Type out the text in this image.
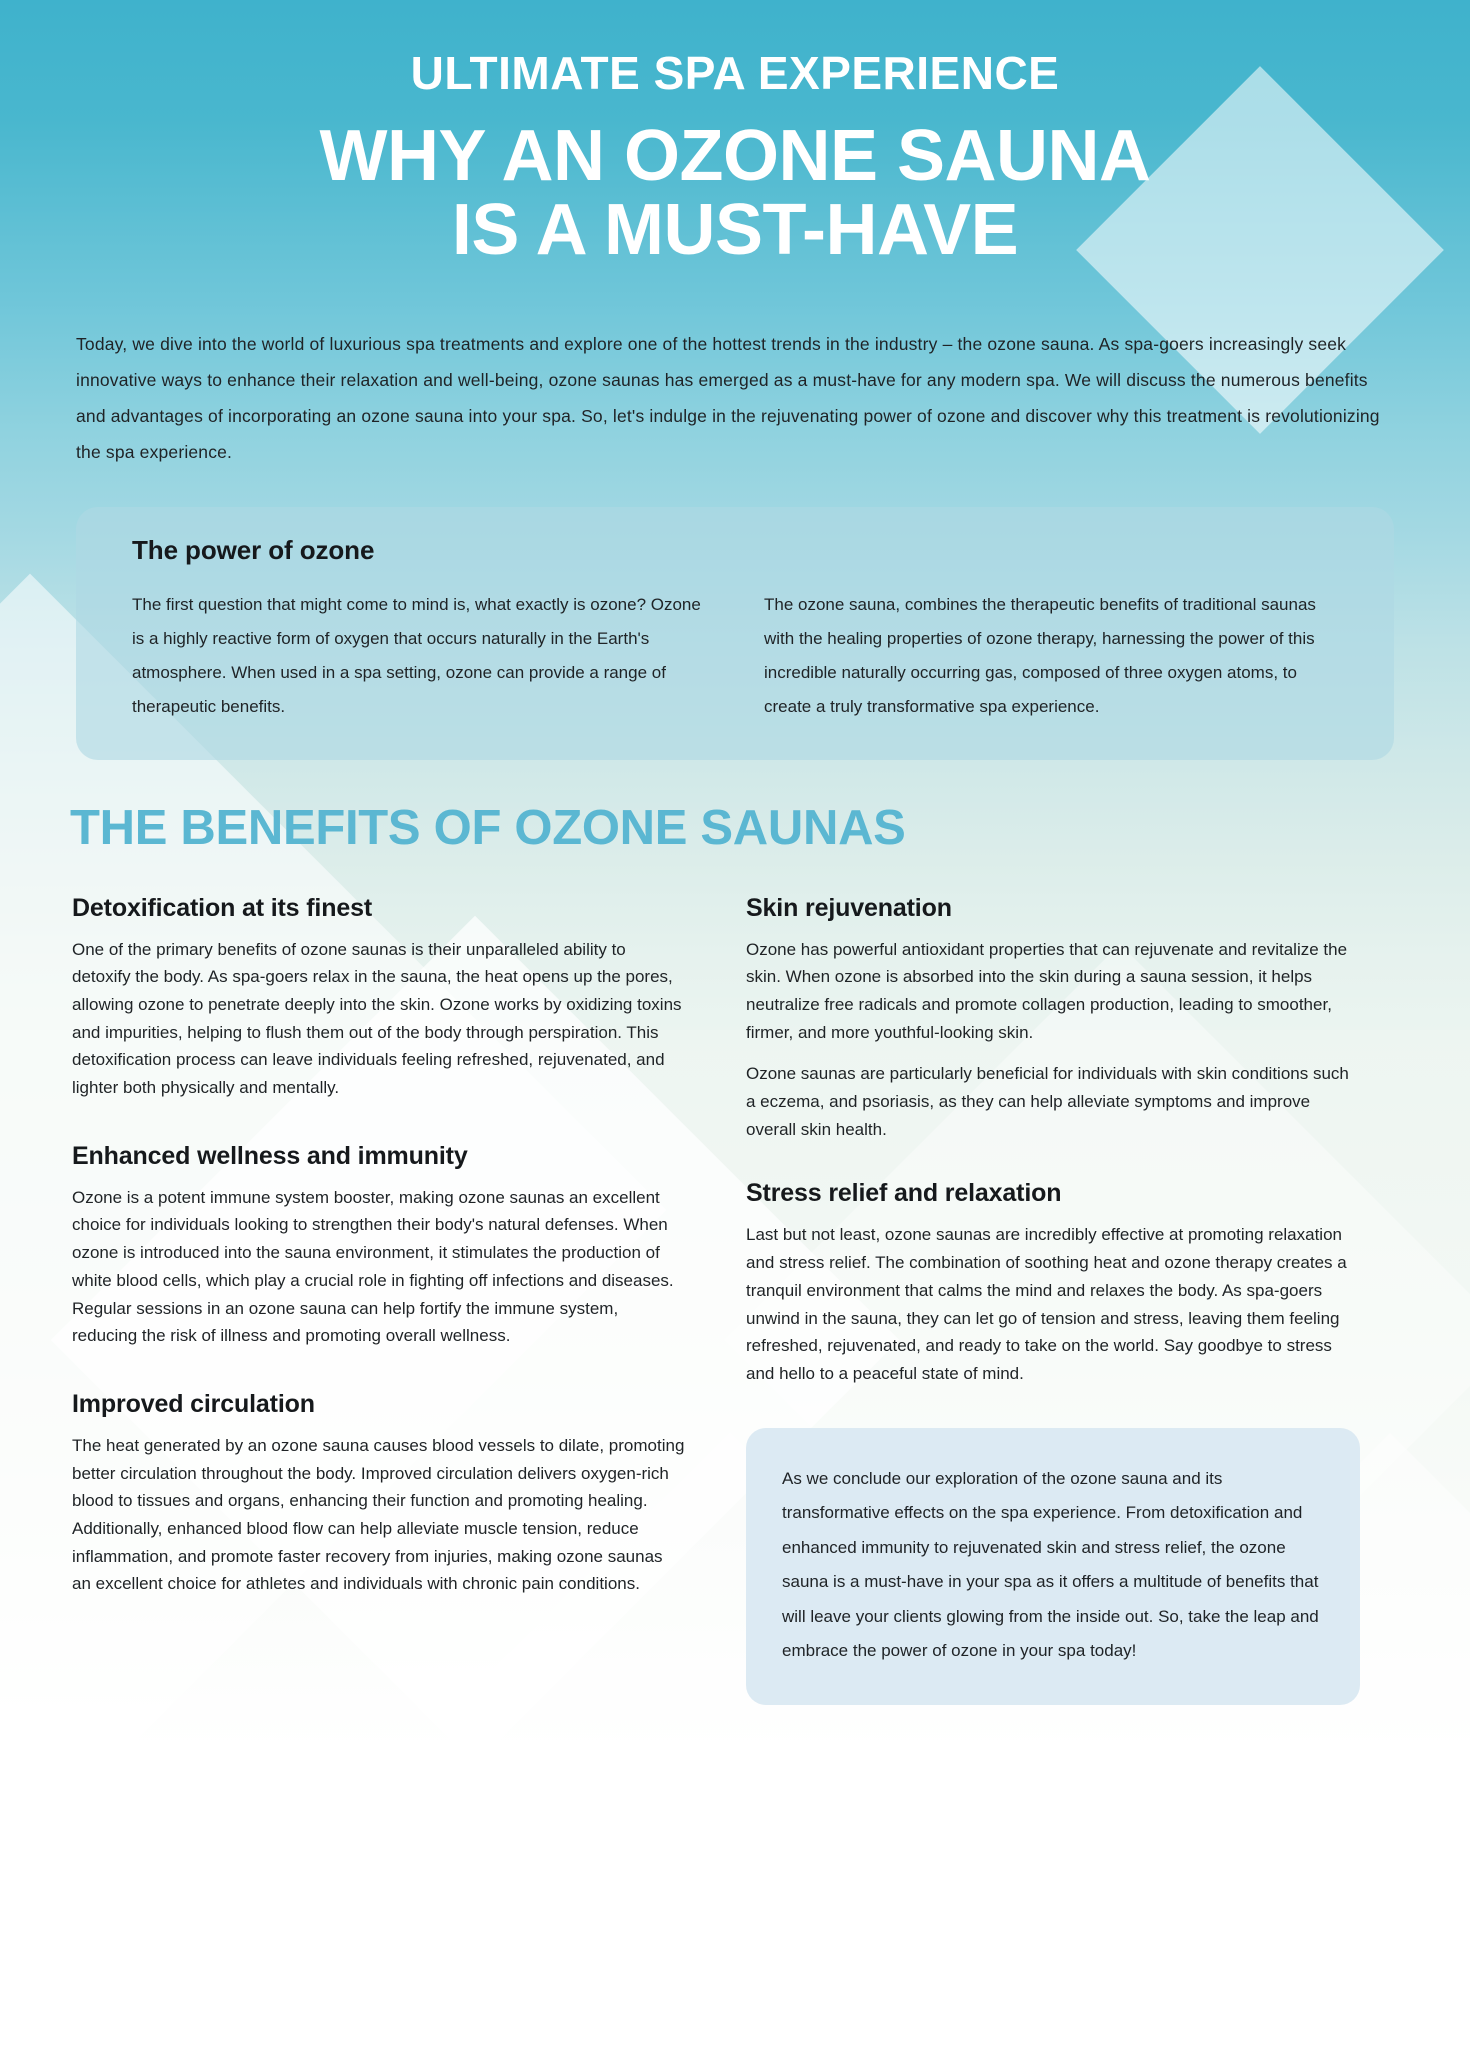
ULTIMATE SPA EXPERIENCE
WHY AN OZONE SAUNA
IS A MUST-HAVE

Today, we dive into the world of luxurious spa treatments and explore one of the hottest trends in the industry – the ozone sauna. As spa-goers increasingly seek innovative ways to enhance their relaxation and well-being, ozone saunas has emerged as a must-have for any modern spa. We will discuss the numerous benefits and advantages of incorporating an ozone sauna into your spa. So, let's indulge in the rejuvenating power of ozone and discover why this treatment is revolutionizing the spa experience.

The power of ozone

The first question that might come to mind is, what exactly is ozone? Ozone is a highly reactive form of oxygen that occurs naturally in the Earth's atmosphere. When used in a spa setting, ozone can provide a range of therapeutic benefits.

The ozone sauna, combines the therapeutic benefits of traditional saunas with the healing properties of ozone therapy, harnessing the power of this incredible naturally occurring gas, composed of three oxygen atoms, to create a truly transformative spa experience.

THE BENEFITS OF OZONE SAUNAS
Detoxification at its finest

One of the primary benefits of ozone saunas is their unparalleled ability to detoxify the body. As spa-goers relax in the sauna, the heat opens up the pores, allowing ozone to penetrate deeply into the skin. Ozone works by oxidizing toxins and impurities, helping to flush them out of the body through perspiration. This detoxification process can leave individuals feeling refreshed, rejuvenated, and lighter both physically and mentally.

Enhanced wellness and immunity

Ozone is a potent immune system booster, making ozone saunas an excellent choice for individuals looking to strengthen their body's natural defenses. When ozone is introduced into the sauna environment, it stimulates the production of white blood cells, which play a crucial role in fighting off infections and diseases. Regular sessions in an ozone sauna can help fortify the immune system, reducing the risk of illness and promoting overall wellness.

Improved circulation

The heat generated by an ozone sauna causes blood vessels to dilate, promoting better circulation throughout the body. Improved circulation delivers oxygen-rich blood to tissues and organs, enhancing their function and promoting healing. Additionally, enhanced blood flow can help alleviate muscle tension, reduce inflammation, and promote faster recovery from injuries, making ozone saunas an excellent choice for athletes and individuals with chronic pain conditions.

Skin rejuvenation

Ozone has powerful antioxidant properties that can rejuvenate and revitalize the skin. When ozone is absorbed into the skin during a sauna session, it helps neutralize free radicals and promote collagen production, leading to smoother, firmer, and more youthful-looking skin.

Ozone saunas are particularly beneficial for individuals with skin conditions such a eczema, and psoriasis, as they can help alleviate symptoms and improve overall skin health.

Stress relief and relaxation

Last but not least, ozone saunas are incredibly effective at promoting relaxation and stress relief. The combination of soothing heat and ozone therapy creates a tranquil environment that calms the mind and relaxes the body. As spa-goers unwind in the sauna, they can let go of tension and stress, leaving them feeling refreshed, rejuvenated, and ready to take on the world. Say goodbye to stress and hello to a peaceful state of mind.

As we conclude our exploration of the ozone sauna and its transformative effects on the spa experience. From detoxification and enhanced immunity to rejuvenated skin and stress relief, the ozone sauna is a must-have in your spa as it offers a multitude of benefits that will leave your clients glowing from the inside out. So, take the leap and embrace the power of ozone in your spa today!
